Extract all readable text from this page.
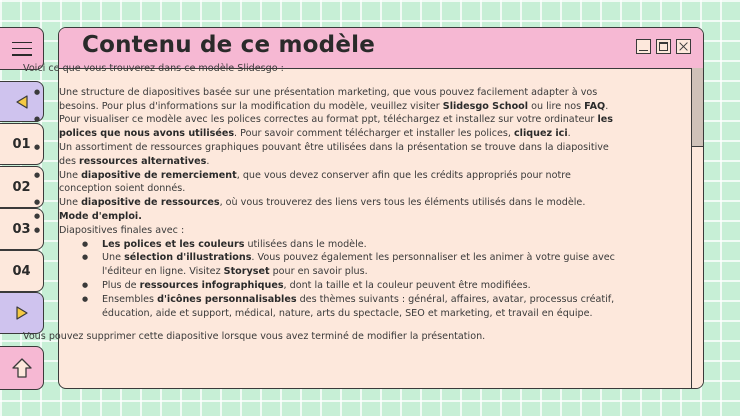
01
02
03
04
Contenu de ce modèle

Voici ce que vous trouverez dans ce modèle Slidesgo :

● Une structure de diapositives basée sur une présentation marketing, que vous pouvez facilement adapter à vos besoins. Pour plus d'informations sur la modification du modèle, veuillez visiter Slidesgo School ou lire nos FAQ.
● Pour visualiser ce modèle avec les polices correctes au format ppt, téléchargez et installez sur votre ordinateur les polices que nous avons utilisées. Pour savoir comment télécharger et installer les polices, cliquez ici.
● Un assortiment de ressources graphiques pouvant être utilisées dans la présentation se trouve dans la diapositive des ressources alternatives.
● Une diapositive de remerciement, que vous devez conserver afin que les crédits appropriés pour notre conception soient donnés.
● Une diapositive de ressources, où vous trouverez des liens vers tous les éléments utilisés dans le modèle.
● Mode d'emploi.
● Diapositives finales avec :
● Les polices et les couleurs utilisées dans le modèle.
● Une sélection d'illustrations. Vous pouvez également les personnaliser et les animer à votre guise avec l'éditeur en ligne. Visitez Storyset pour en savoir plus.
● Plus de ressources infographiques, dont la taille et la couleur peuvent être modifiées.
● Ensembles d'icônes personnalisables des thèmes suivants : général, affaires, avatar, processus créatif, éducation, aide et support, médical, nature, arts du spectacle, SEO et marketing, et travail en équipe.

Vous pouvez supprimer cette diapositive lorsque vous avez terminé de modifier la présentation.
